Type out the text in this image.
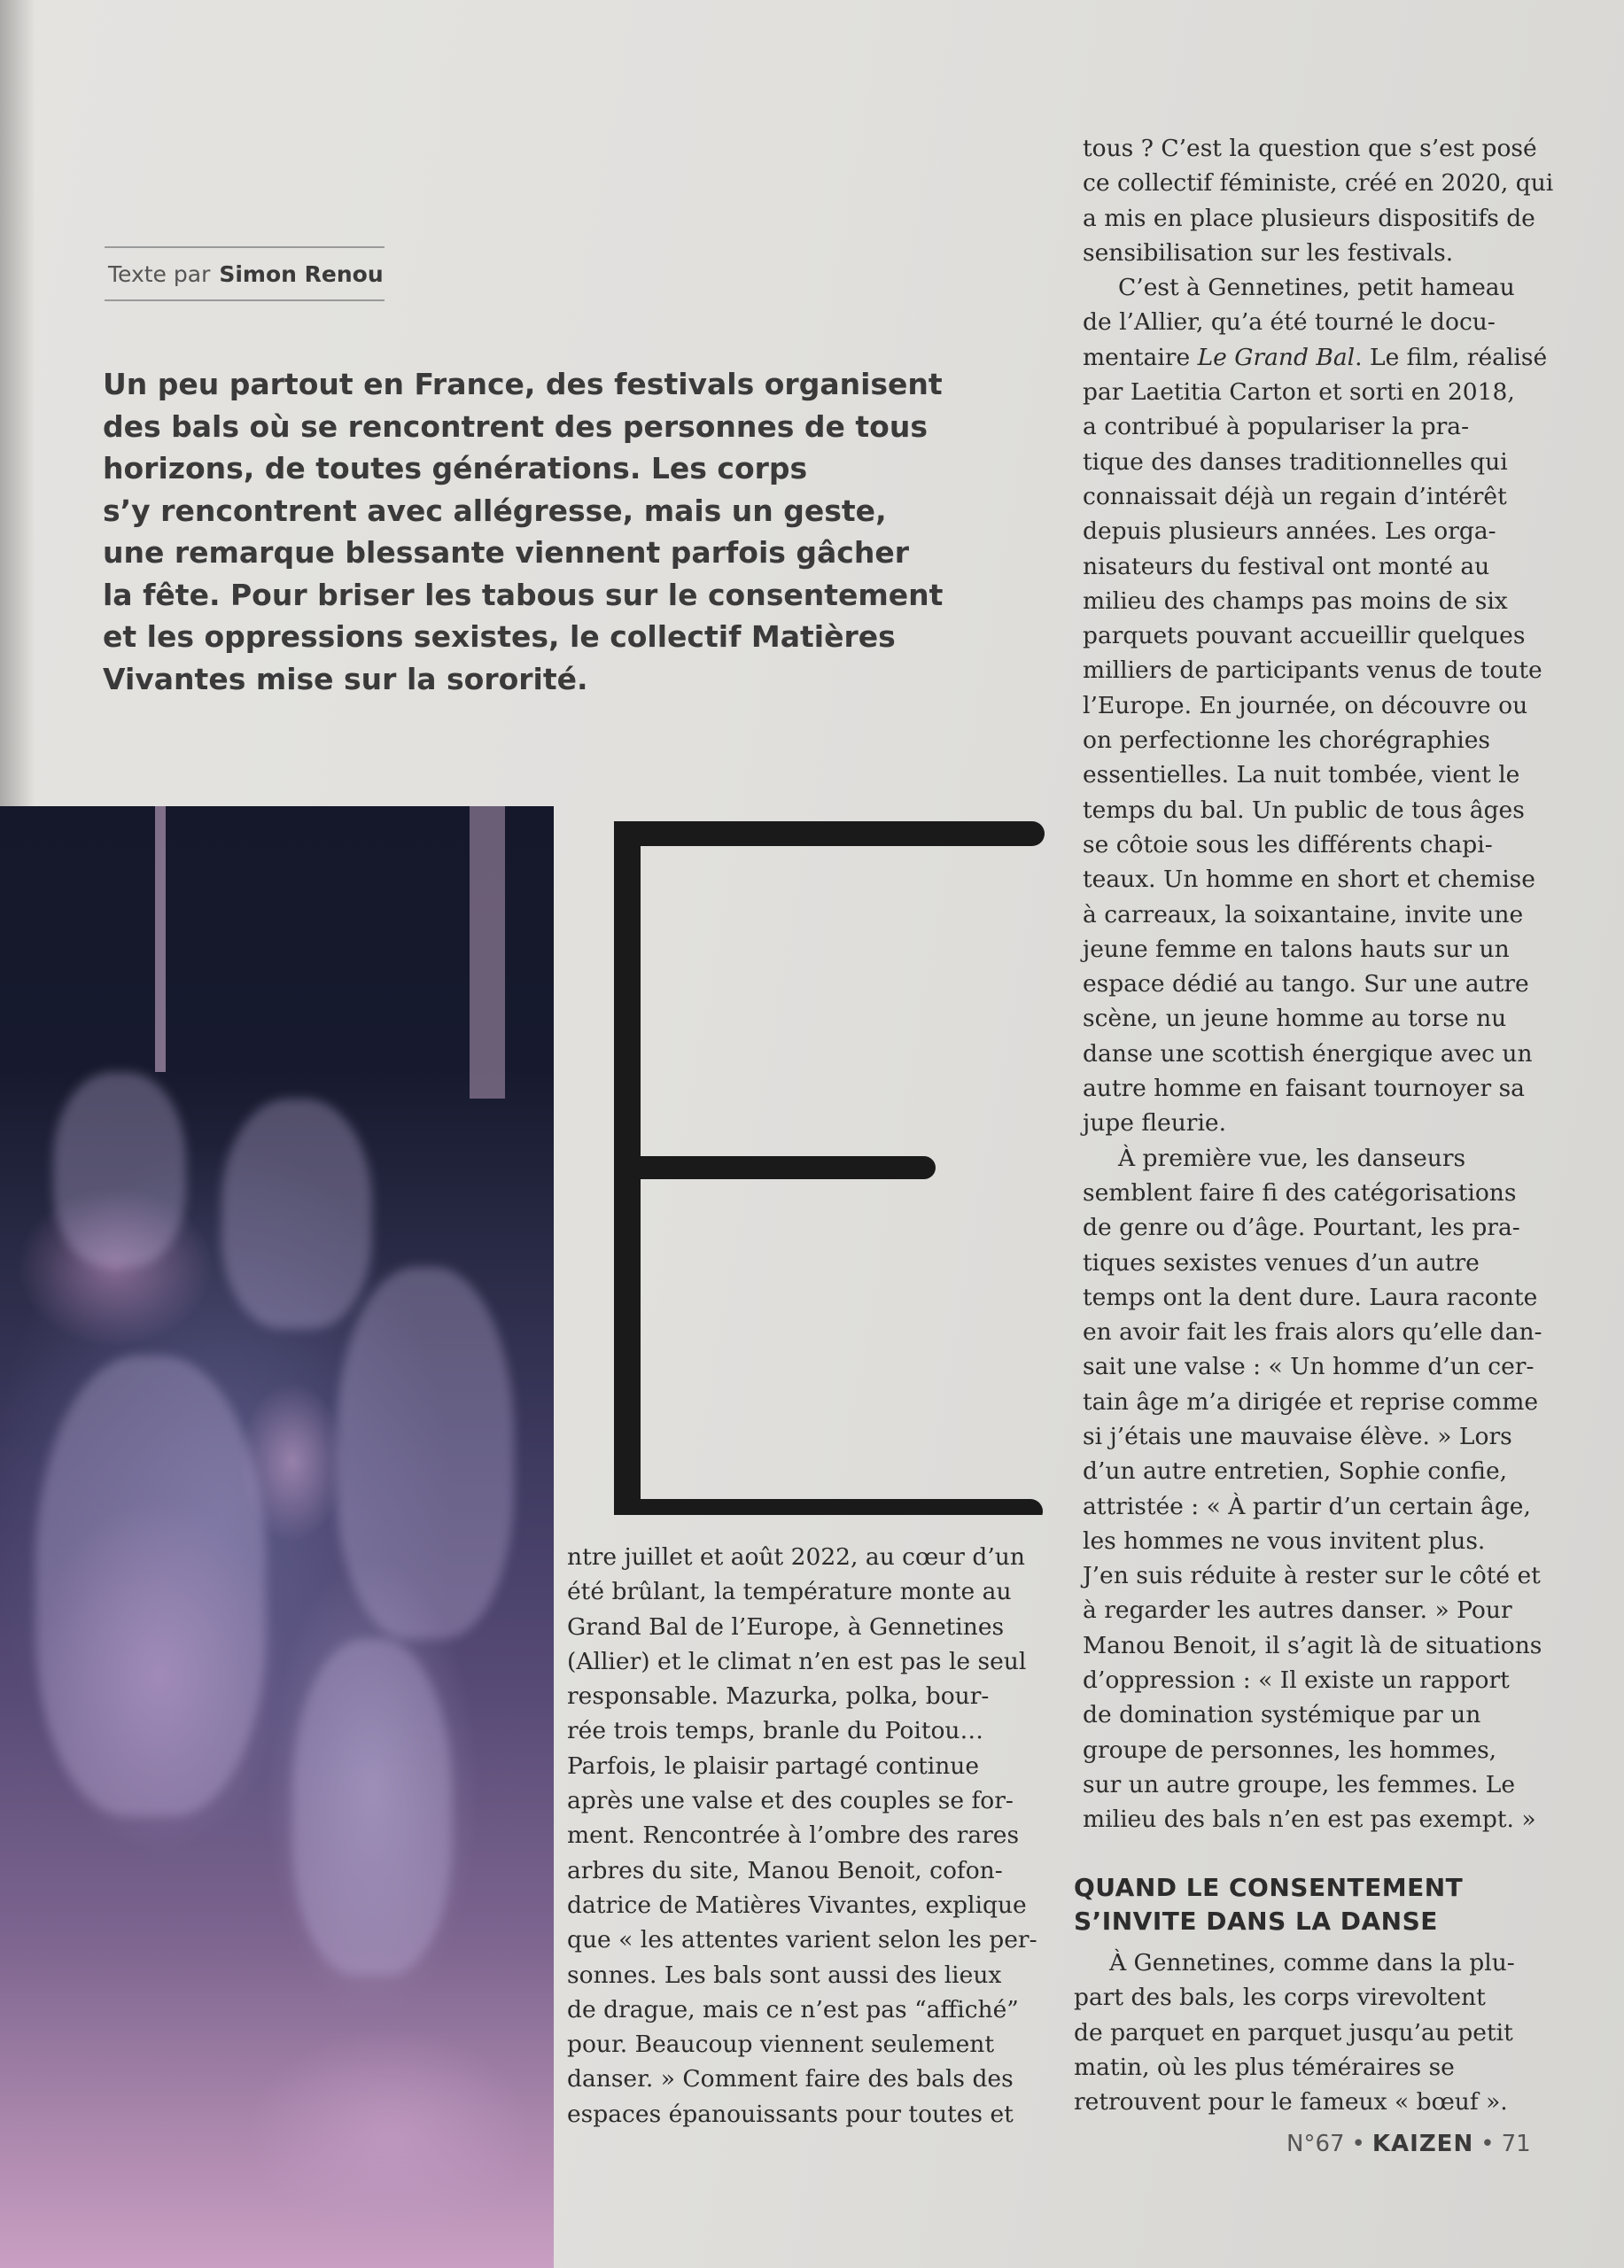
Texte par Simon Renou
Un peu partout en France, des festivals organisent
des bals où se rencontrent des personnes de tous
horizons, de toutes générations. Les corps
s’y rencontrent avec allégresse, mais un geste,
une remarque blessante viennent parfois gâcher
la fête. Pour briser les tabous sur le consentement
et les oppressions sexistes, le collectif Matières
Vivantes mise sur la sororité.
ntre juillet et août 2022, au cœur d’un
été brûlant, la température monte au
Grand Bal de l’Europe, à Gennetines
(Allier) et le climat n’en est pas le seul
responsable. Mazurka, polka, bour-
rée trois temps, branle du Poitou…
Parfois, le plaisir partagé continue
après une valse et des couples se for-
ment. Rencontrée à l’ombre des rares
arbres du site, Manou Benoit, cofon-
datrice de Matières Vivantes, explique
que « les attentes varient selon les per-
sonnes. Les bals sont aussi des lieux
de drague, mais ce n’est pas “affiché”
pour. Beaucoup viennent seulement
danser. » Comment faire des bals des
espaces épanouissants pour toutes et
tous ? C’est la question que s’est posé
ce collectif féministe, créé en 2020, qui
a mis en place plusieurs dispositifs de
sensibilisation sur les festivals.
C’est à Gennetines, petit hameau
de l’Allier, qu’a été tourné le docu-
mentaire Le Grand Bal. Le film, réalisé
par Laetitia Carton et sorti en 2018,
a contribué à populariser la pra-
tique des danses traditionnelles qui
connaissait déjà un regain d’intérêt
depuis plusieurs années. Les orga-
nisateurs du festival ont monté au
milieu des champs pas moins de six
parquets pouvant accueillir quelques
milliers de participants venus de toute
l’Europe. En journée, on découvre ou
on perfectionne les chorégraphies
essentielles. La nuit tombée, vient le
temps du bal. Un public de tous âges
se côtoie sous les différents chapi-
teaux. Un homme en short et chemise
à carreaux, la soixantaine, invite une
jeune femme en talons hauts sur un
espace dédié au tango. Sur une autre
scène, un jeune homme au torse nu
danse une scottish énergique avec un
autre homme en faisant tournoyer sa
jupe fleurie.
À première vue, les danseurs
semblent faire fi des catégorisations
de genre ou d’âge. Pourtant, les pra-
tiques sexistes venues d’un autre
temps ont la dent dure. Laura raconte
en avoir fait les frais alors qu’elle dan-
sait une valse : « Un homme d’un cer-
tain âge m’a dirigée et reprise comme
si j’étais une mauvaise élève. » Lors
d’un autre entretien, Sophie confie,
attristée : « À partir d’un certain âge,
les hommes ne vous invitent plus.
J’en suis réduite à rester sur le côté et
à regarder les autres danser. » Pour
Manou Benoit, il s’agit là de situations
d’oppression : « Il existe un rapport
de domination systémique par un
groupe de personnes, les hommes,
sur un autre groupe, les femmes. Le
milieu des bals n’en est pas exempt. »
QUAND LE CONSENTEMENT
S’INVITE DANS LA DANSE
À Gennetines, comme dans la plu-
part des bals, les corps virevoltent
de parquet en parquet jusqu’au petit
matin, où les plus téméraires se
retrouvent pour le fameux « bœuf ».
N°67 • KAIZEN • 71
